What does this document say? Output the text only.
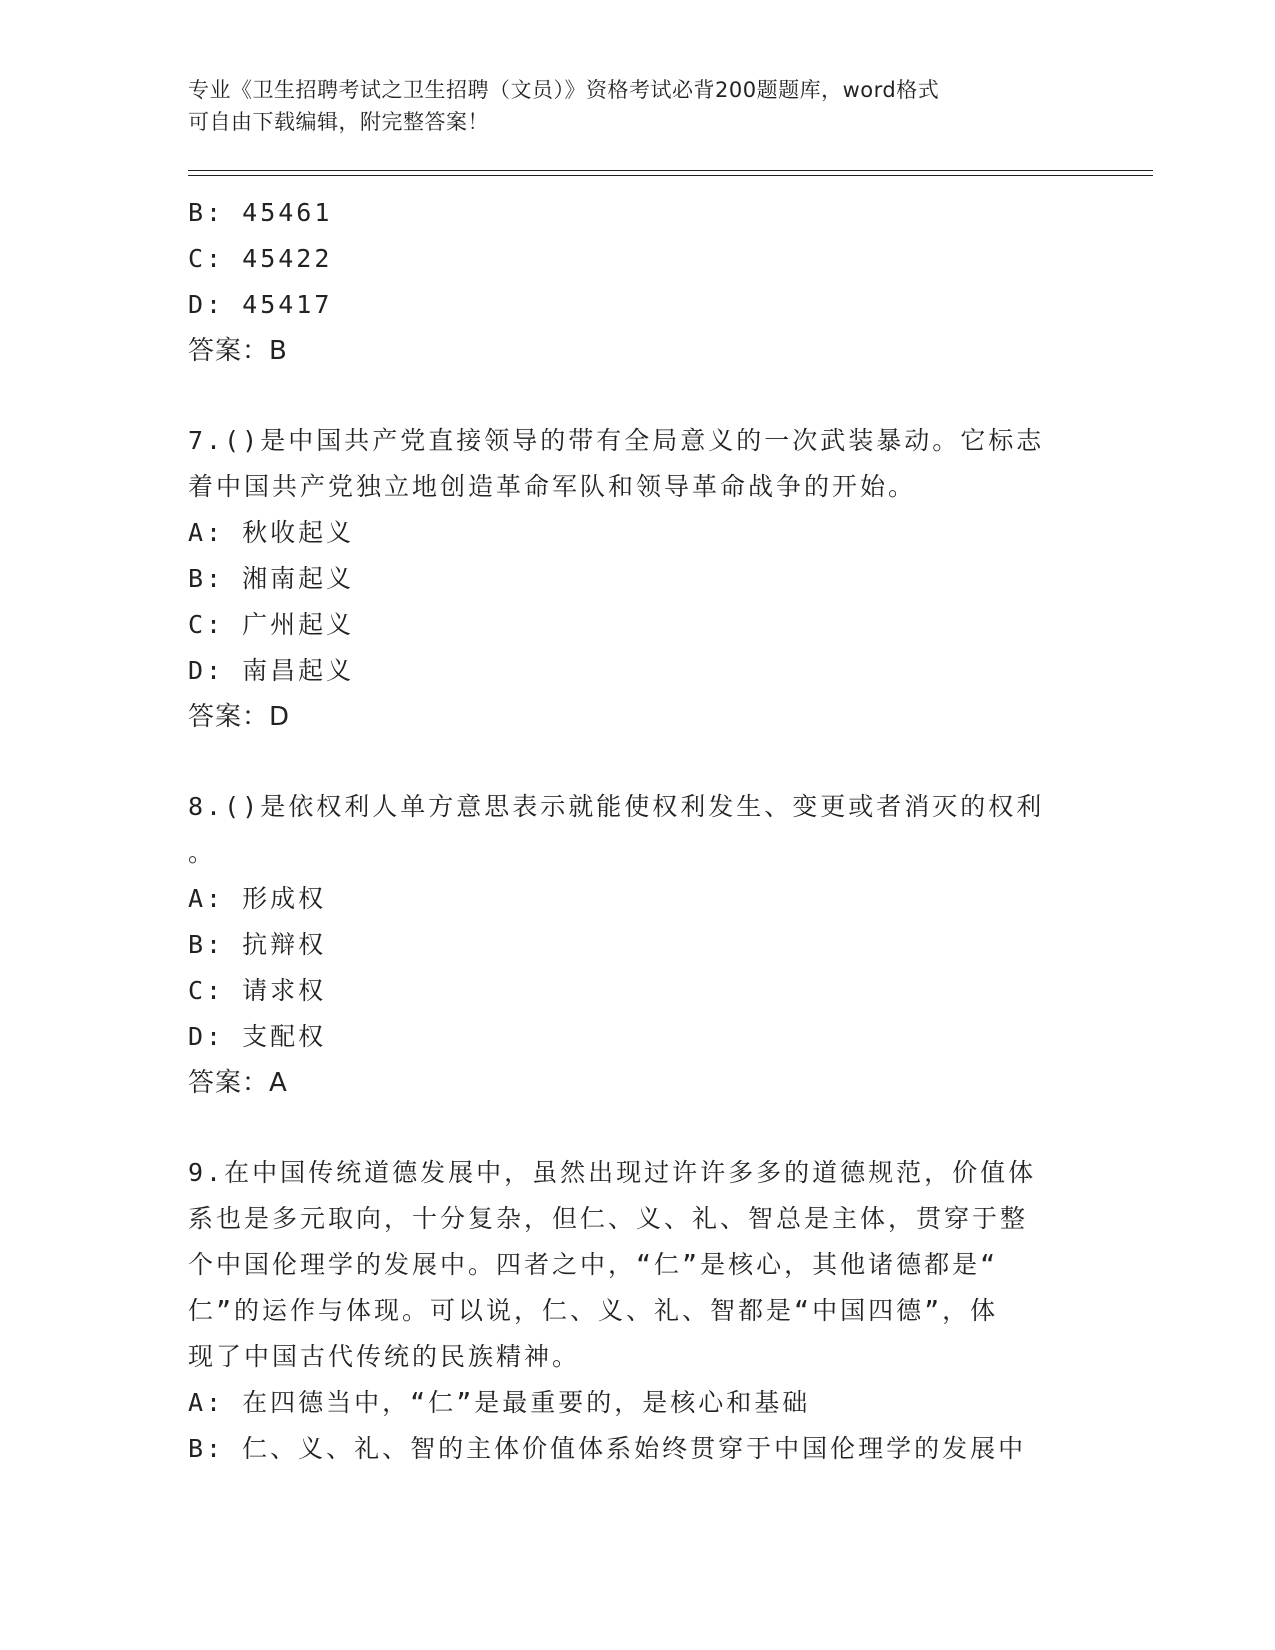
专业《卫生招聘考试之卫生招聘（文员）》资格考试必背200题题库，word格式
可自由下载编辑，附完整答案！
B: 45461
C: 45422
D: 45417
答案：B
7.()是中国共产党直接领导的带有全局意义的一次武装暴动。它标志
着中国共产党独立地创造革命军队和领导革命战争的开始。
A: 秋收起义
B: 湘南起义
C: 广州起义
D: 南昌起义
答案：D
8.()是依权利人单方意思表示就能使权利发生、变更或者消灭的权利
。
A: 形成权
B: 抗辩权
C: 请求权
D: 支配权
答案：A
9.在中国传统道德发展中，虽然出现过许许多多的道德规范，价值体
系也是多元取向，十分复杂，但仁、义、礼、智总是主体，贯穿于整
个中国伦理学的发展中。四者之中，“仁”是核心，其他诸德都是“
仁”的运作与体现。可以说，仁、义、礼、智都是“中国四德”，体
现了中国古代传统的民族精神。
A: 在四德当中，“仁”是最重要的，是核心和基础
B: 仁、义、礼、智的主体价值体系始终贯穿于中国伦理学的发展中
